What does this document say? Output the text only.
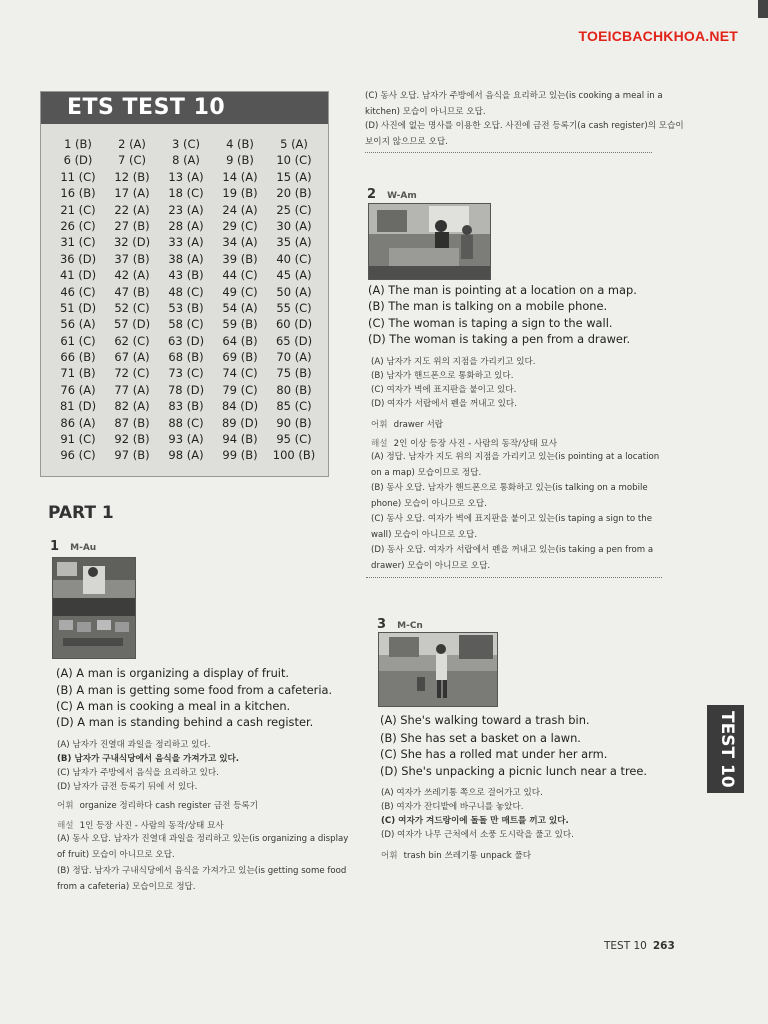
TOEICBACHKHOA.NET
ETS TEST 10
1 (B)	2 (A)	3 (C)	4 (B)	5 (A)
6 (D)	7 (C)	8 (A)	9 (B)	10 (C)
11 (C)	12 (B)	13 (A)	14 (A)	15 (A)
16 (B)	17 (A)	18 (C)	19 (B)	20 (B)
21 (C)	22 (A)	23 (A)	24 (A)	25 (C)
26 (C)	27 (B)	28 (A)	29 (C)	30 (A)
31 (C)	32 (D)	33 (A)	34 (A)	35 (A)
36 (D)	37 (B)	38 (A)	39 (B)	40 (C)
41 (D)	42 (A)	43 (B)	44 (C)	45 (A)
46 (C)	47 (B)	48 (C)	49 (C)	50 (A)
51 (D)	52 (C)	53 (B)	54 (A)	55 (C)
56 (A)	57 (D)	58 (C)	59 (B)	60 (D)
61 (C)	62 (C)	63 (D)	64 (B)	65 (D)
66 (B)	67 (A)	68 (B)	69 (B)	70 (A)
71 (B)	72 (C)	73 (C)	74 (C)	75 (B)
76 (A)	77 (A)	78 (D)	79 (C)	80 (B)
81 (D)	82 (A)	83 (B)	84 (D)	85 (C)
86 (A)	87 (B)	88 (C)	89 (D)	90 (B)
91 (C)	92 (B)	93 (A)	94 (B)	95 (C)
96 (C)	97 (B)	98 (A)	99 (B)	100 (B)
PART 1
1 M-Au
(A) A man is organizing a display of fruit.
(B) A man is getting some food from a cafeteria.
(C) A man is cooking a meal in a kitchen.
(D) A man is standing behind a cash register.
(A) 남자가 진열대 과일을 정리하고 있다.
(B) 남자가 구내식당에서 음식을 가져가고 있다.
(C) 남자가 주방에서 음식을 요리하고 있다.
(D) 남자가 금전 등록기 뒤에 서 있다.
어휘 organize 정리하다 cash register 금전 등록기
해설 1인 등장 사진 - 사람의 동작/상태 묘사
(A) 동사 오답. 남자가 진열대 과일을 정리하고 있는(is organizing a display of fruit) 모습이 아니므로 오답.
(B) 정답. 남자가 구내식당에서 음식을 가져가고 있는(is getting some food from a cafeteria) 모습이므로 정답.
(C) 동사 오답. 남자가 주방에서 음식을 요리하고 있는(is cooking a meal in a kitchen) 모습이 아니므로 오답.
(D) 사진에 없는 명사를 이용한 오답. 사진에 금전 등록기(a cash register)의 모습이 보이지 않으므로 오답.
2 W-Am
(A) The man is pointing at a location on a map.
(B) The man is talking on a mobile phone.
(C) The woman is taping a sign to the wall.
(D) The woman is taking a pen from a drawer.
(A) 남자가 지도 위의 지점을 가리키고 있다.
(B) 남자가 핸드폰으로 통화하고 있다.
(C) 여자가 벽에 표지판을 붙이고 있다.
(D) 여자가 서랍에서 펜을 꺼내고 있다.
어휘 drawer 서랍
해설 2인 이상 등장 사진 - 사람의 동작/상태 묘사
(A) 정답. 남자가 지도 위의 지점을 가리키고 있는(is pointing at a location on a map) 모습이므로 정답.
(B) 동사 오답. 남자가 핸드폰으로 통화하고 있는(is talking on a mobile phone) 모습이 아니므로 오답.
(C) 동사 오답. 여자가 벽에 표지판을 붙이고 있는(is taping a sign to the wall) 모습이 아니므로 오답.
(D) 동사 오답. 여자가 서랍에서 펜을 꺼내고 있는(is taking a pen from a drawer) 모습이 아니므로 오답.
3 M-Cn
(A) She's walking toward a trash bin.
(B) She has set a basket on a lawn.
(C) She has a rolled mat under her arm.
(D) She's unpacking a picnic lunch near a tree.
(A) 여자가 쓰레기통 쪽으로 걸어가고 있다.
(B) 여자가 잔디밭에 바구니를 놓았다.
(C) 여자가 겨드랑이에 돌돌 만 매트를 끼고 있다.
(D) 여자가 나무 근처에서 소풍 도시락을 풀고 있다.
어휘 trash bin 쓰레기통 unpack 풀다
TEST 10
TEST 10 263
